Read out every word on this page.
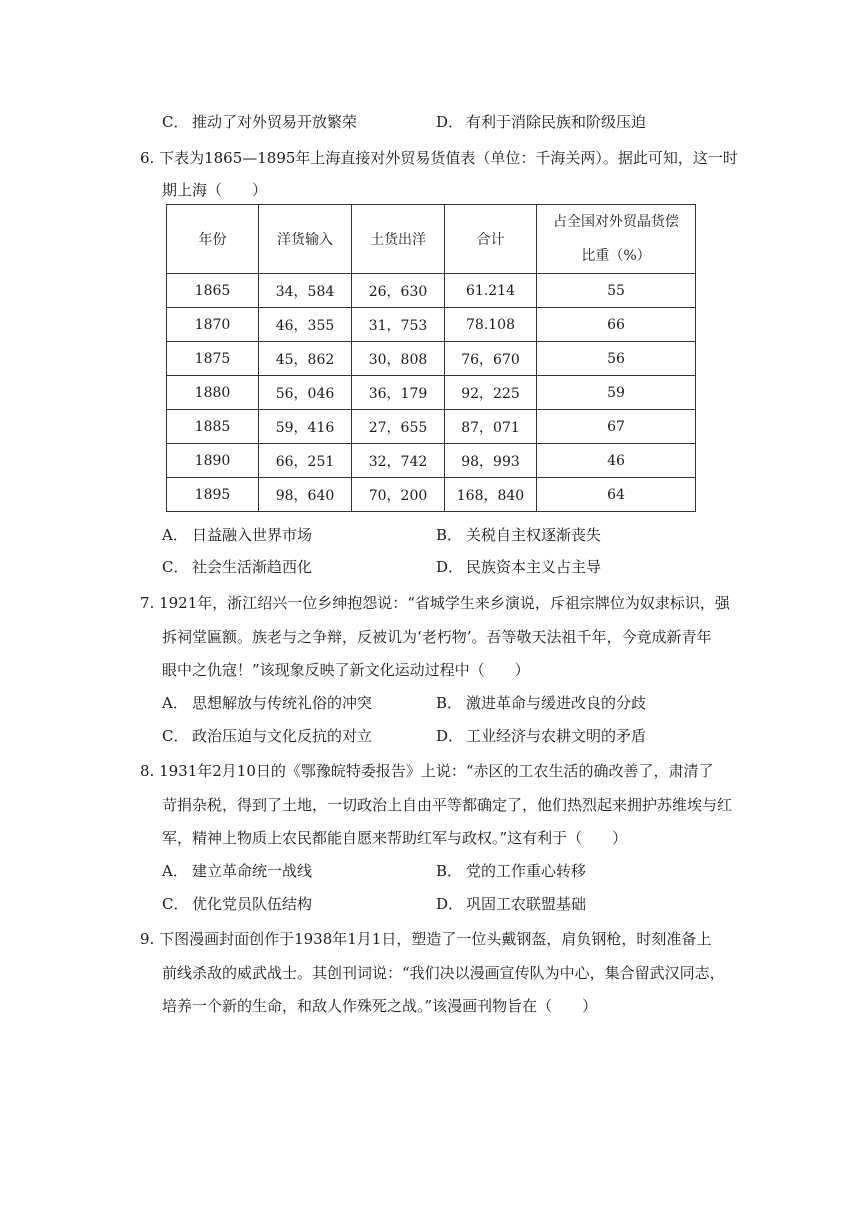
C． 推动了对外贸易开放繁荣	D． 有利于消除民族和阶级压迫
6. 下表为1865—1895年上海直接对外贸易货值表（单位：千海关两）。据此可知，这一时
期上海（　　）
年份	洋货输入	土货出洋	合计	占全国对外贸晶货偿
比重（%）

1865	34，584	26，630	61.214	55
1870	46，355	31，753	78.108	66
1875	45，862	30，808	76，670	56
1880	56，046	36，179	92，225	59
1885	59，416	27，655	87，071	67
1890	66，251	32，742	98，993	46
1895	98，640	70，200	168，840	64
A． 日益融入世界市场	B． 关税自主权逐渐丧失
C． 社会生活渐趋西化	D． 民族资本主义占主导
7. 1921年，浙江绍兴一位乡绅抱怨说：“省城学生来乡演说，斥祖宗牌位为奴隶标识，强
拆祠堂匾额。族老与之争辩，反被讥为‘老朽物’。吾等敬天法祖千年，今竟成新青年
眼中之仇寇！”该现象反映了新文化运动过程中（　　）
A． 思想解放与传统礼俗的冲突	B． 激进革命与缓进改良的分歧
C． 政治压迫与文化反抗的对立	D． 工业经济与农耕文明的矛盾
8. 1931年2月10日的《鄂豫皖特委报告》上说：“赤区的工农生活的确改善了，肃清了
苛捐杂税，得到了土地，一切政治上自由平等都确定了，他们热烈起来拥护苏维埃与红
军，精神上物质上农民都能自愿来帮助红军与政权。”这有利于（　　）
A． 建立革命统一战线	B． 党的工作重心转移
C． 优化党员队伍结构	D． 巩固工农联盟基础
9. 下图漫画封面创作于1938年1月1日，塑造了一位头戴钢盔，肩负钢枪，时刻准备上
前线杀敌的威武战士。其创刊词说：“我们决以漫画宣传队为中心，集合留武汉同志，
培养一个新的生命，和敌人作殊死之战。”该漫画刊物旨在（　　）
